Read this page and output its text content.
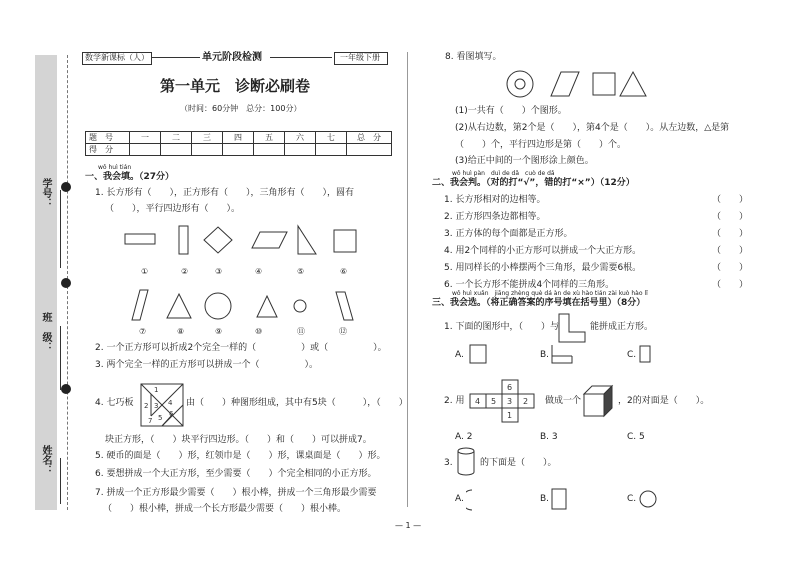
学号：
班　级：
姓名：
数学新课标（人）	单元阶段检测	一年级下册
第一单元　诊断必刷卷
（时间：60分钟　总分：100分）
题　号	一	二	三	四	五	六	七	总　分
得　分								
wǒ huì tián
一、我会填。（27分）
1. 长方形有（　　），正方形有（　　），三角形有（　　），圆有
（　　），平行四边形有（　　）。
①	②	③	④	⑤	⑥
⑦	⑧	⑨	⑩	⑪	⑫
2. 一个正方形可以折成2个完全一样的（　　　　　）或（　　　　　）。
3. 两个完全一样的正方形可以拼成一个（　　　　　）。
4. 七巧板
1
2 3 4
5 6
7
由（　　）种图形组成，其中有5块（　　　），（　　）
块正方形，（　　）块平行四边形。（　　）和（　　）可以拼成7。
5. 硬币的面是（　　）形，红领巾是（　　）形，课桌面是（　　）形。
6. 要想拼成一个大正方形，至少需要（　　）个完全相同的小正方形。
7. 拼成一个正方形最少需要（　　）根小棒，拼成一个三角形最少需要
（　　）根小棒，拼成一个长方形最少需要（　　）根小棒。
8. 看图填写。
(1)一共有（　　）个图形。
(2)从右边数，第2个是（　　），第4个是（　　）。从左边数，△是第
（　　）个，平行四边形是第（　　）个。
(3)给正中间的一个图形涂上颜色。
wǒ huì pàn　duì de dǎ　cuò de dǎ
二、我会判。（对的打“√”，错的打“×”）（12分）
1. 长方形相对的边相等。
2. 正方形四条边都相等。
3. 正方体的每个面都是正方形。
4. 用2个同样的小正方形可以拼成一个大正方形。
5. 用同样长的小棒摆两个三角形，最少需要6根。
6. 一个长方形不能拼成4个同样的三角形。
（　　）
（　　）
（　　）
（　　）
（　　）
（　　）
wǒ huì xuǎn　jiāng zhèng què dá àn de xù hào tián zài kuò hào lǐ
三、我会选。（将正确答案的序号填在括号里）（8分）
1. 下面的图形中，（　　）与	能拼成正方形。
A.	B.	C.
2. 用
6
4 5 3 2
1
做成一个	，2的对面是（　　）。
A. 2	B. 3	C. 5
3.	的下面是（　　）。
A.	B.	C.
— 1 —
